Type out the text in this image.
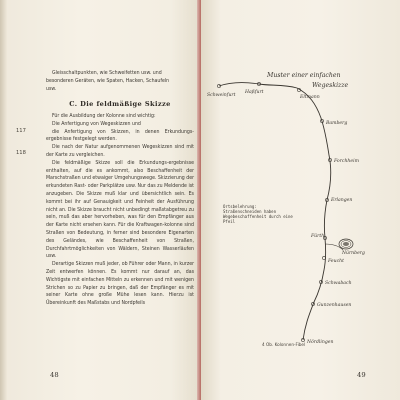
Gleisschaltpunkten, wie Schweifetten usw. und

besonderen Geräten, wie Spaten, Hacken, Schaufeln

usw.

C. Die feldmäßige Skizze
117
118

Für die Ausbildung der Kolonne sind wichtig:

Die Anfertigung von Wegeskizzen und

die Anfertigung von Skizzen, in denen Erkundungs-ergebnisse festgelegt werden.

Die nach der Natur aufgenommenen Wegeskizzen sind mit der Karte zu vergleichen.

Die feldmäßige Skizze soll die Erkundungs-ergebnisse enthalten, auf die es ankommt, also Beschaffenheit der Marschstraßen und etwaiger Umgehungswege. Skizzierung der erkundeten Rast- oder Parkplätze usw. Nur das zu Meldende ist anzugeben. Die Skizze muß klar und übersichtlich sein. Es kommt bei ihr auf Genauigkeit und Feinheit der Ausführung nicht an. Die Skizze braucht nicht unbedingt maßstabgetreu zu sein, muß das aber hervorheben, was für den Empfänger aus der Karte nicht ersehen kann. Für die Kraftwagen-kolonne sind Straßen von Bedeutung, in ferner sind besondere Eigenarten des Geländes, wie Beschaffenheit von Straßen, Durchfahrtmöglichkeiten von Wäldern, Steinen Wasserläufen usw.

Derartige Skizzen muß jeder, ob Führer oder Mann, in kurzer Zeit entwerfen können. Es kommt nur darauf an, das Wichtigste mit einfachen Mitteln zu erkennen und mit wenigen Strichen so zu Papier zu bringen, daß der Empfänger es mit seiner Karte ohne große Mühe lesen kann. Hierzu ist Übereinkunft des Maßstabs und Nordpfeils

48
Muster einer einfachen
Wegeskizze
Schweinfurt
Haßfurt
Eltmann
Bamberg
Forchheim
Erlangen
Fürth
Nürnberg
Feucht
Schwabach
Gunzenhausen
Nördlingen
Ortsbelehrung:
Straßenschneiden haben
Wegebeschaffenheit durch eine
Pfeil
4 Ob. Kolonnen-Fibel
49
